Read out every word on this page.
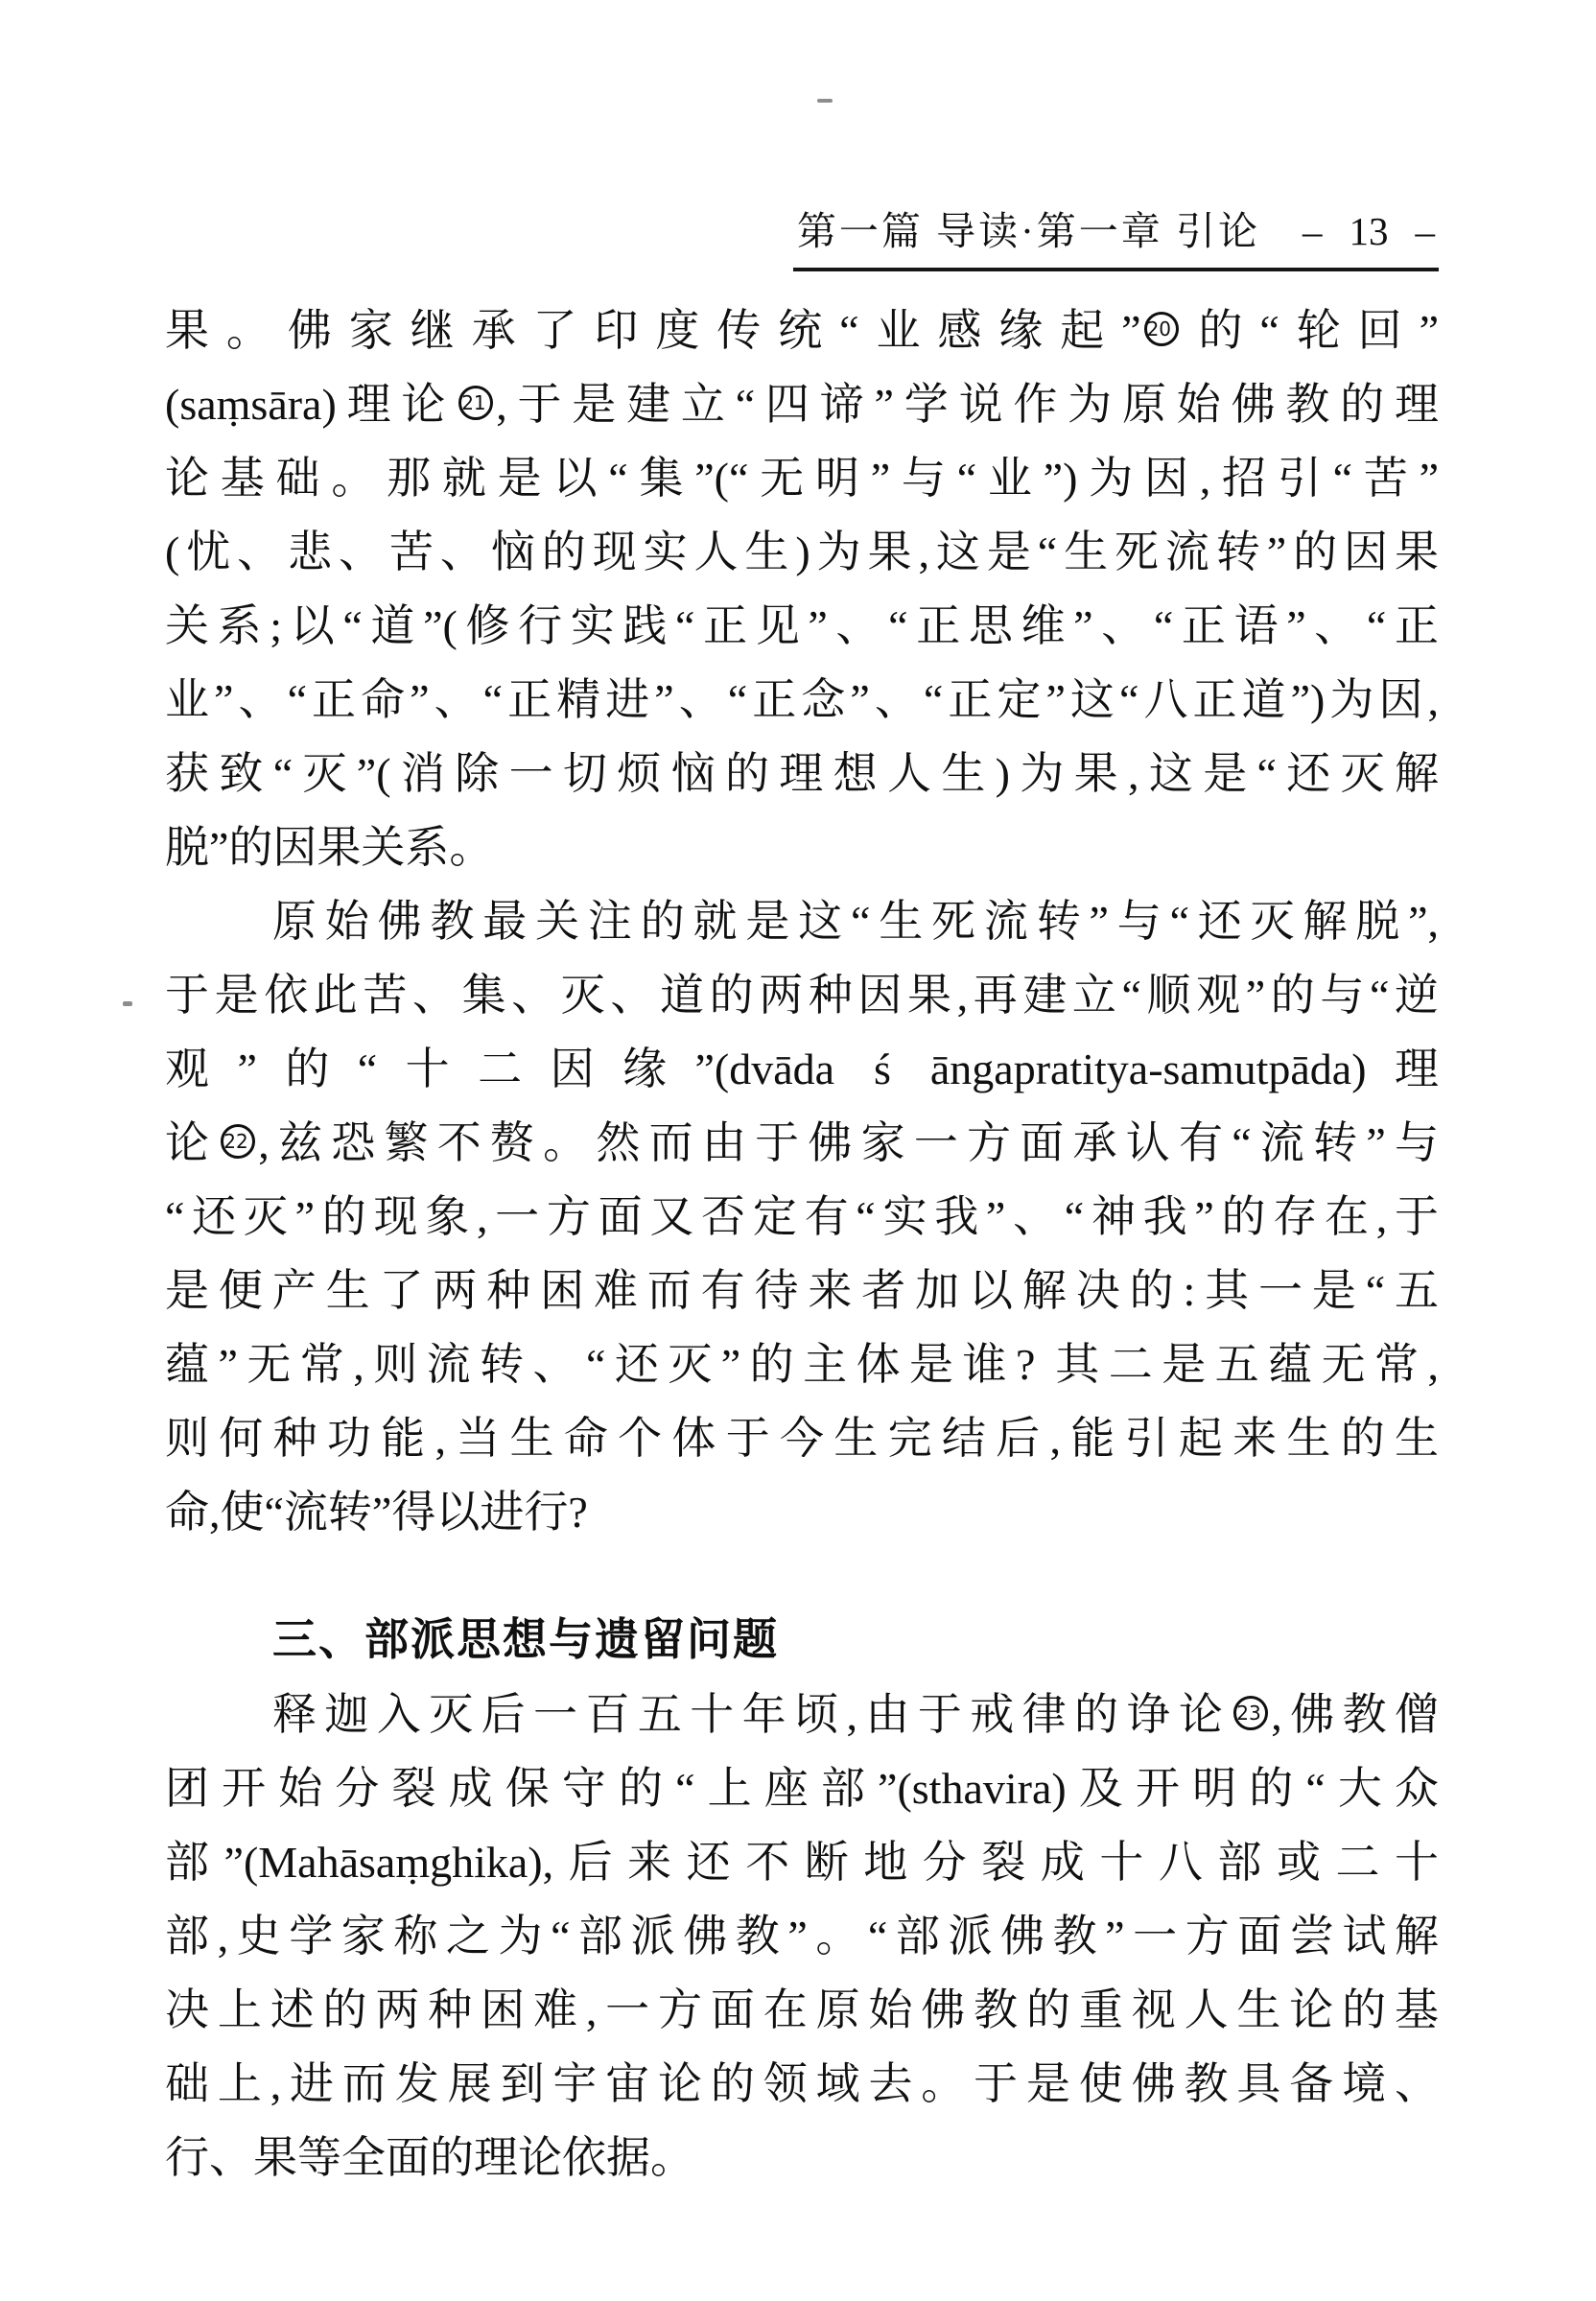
第一篇 导读·第一章 引论 – 13 –
果。佛家继承了印度传统“业感缘起” $^{20}$ 的“轮回”
(saṃsāra)理论 $^{21}$ ,于是建立“四谛”学说作为原始佛教的理
论基础。那就是以“集”(“无明”与“业”)为因,招引“苦”
(忧、悲、苦、恼的现实人生)为果,这是“生死流转”的因果
关系;以“道”(修行实践“正见”、“正思维”、“正语”、“正
业”、“正命”、“正精进”、“正念”、“正定”这“八正道”)为因,
获致“灭”(消除一切烦恼的理想人生)为果,这是“还灭解
脱”的因果关系。
原始佛教最关注的就是这“生死流转”与“还灭解脱”,
于是依此苦、集、灭、道的两种因果,再建立“顺观”的与“逆
观”的“十二因缘”(dvāda ś āngapratitya-samutpāda)理
论 $^{22}$ ,兹恐繁不赘。然而由于佛家一方面承认有“流转”与
“还灭”的现象,一方面又否定有“实我”、“神我”的存在,于
是便产生了两种困难而有待来者加以解决的:其一是“五
蕴”无常,则流转、“还灭”的主体是谁? 其二是五蕴无常,
则何种功能,当生命个体于今生完结后,能引起来生的生
命,使“流转”得以进行?
三、部派思想与遗留问题
释迦入灭后一百五十年顷,由于戒律的诤论 $^{23}$ ,佛教僧
团开始分裂成保守的“上座部”(sthavira)及开明的“大众
部”(Mahāsaṃghika),后来还不断地分裂成十八部或二十
部,史学家称之为“部派佛教”。“部派佛教”一方面尝试解
决上述的两种困难,一方面在原始佛教的重视人生论的基
础上,进而发展到宇宙论的领域去。于是使佛教具备境、
行、果等全面的理论依据。
